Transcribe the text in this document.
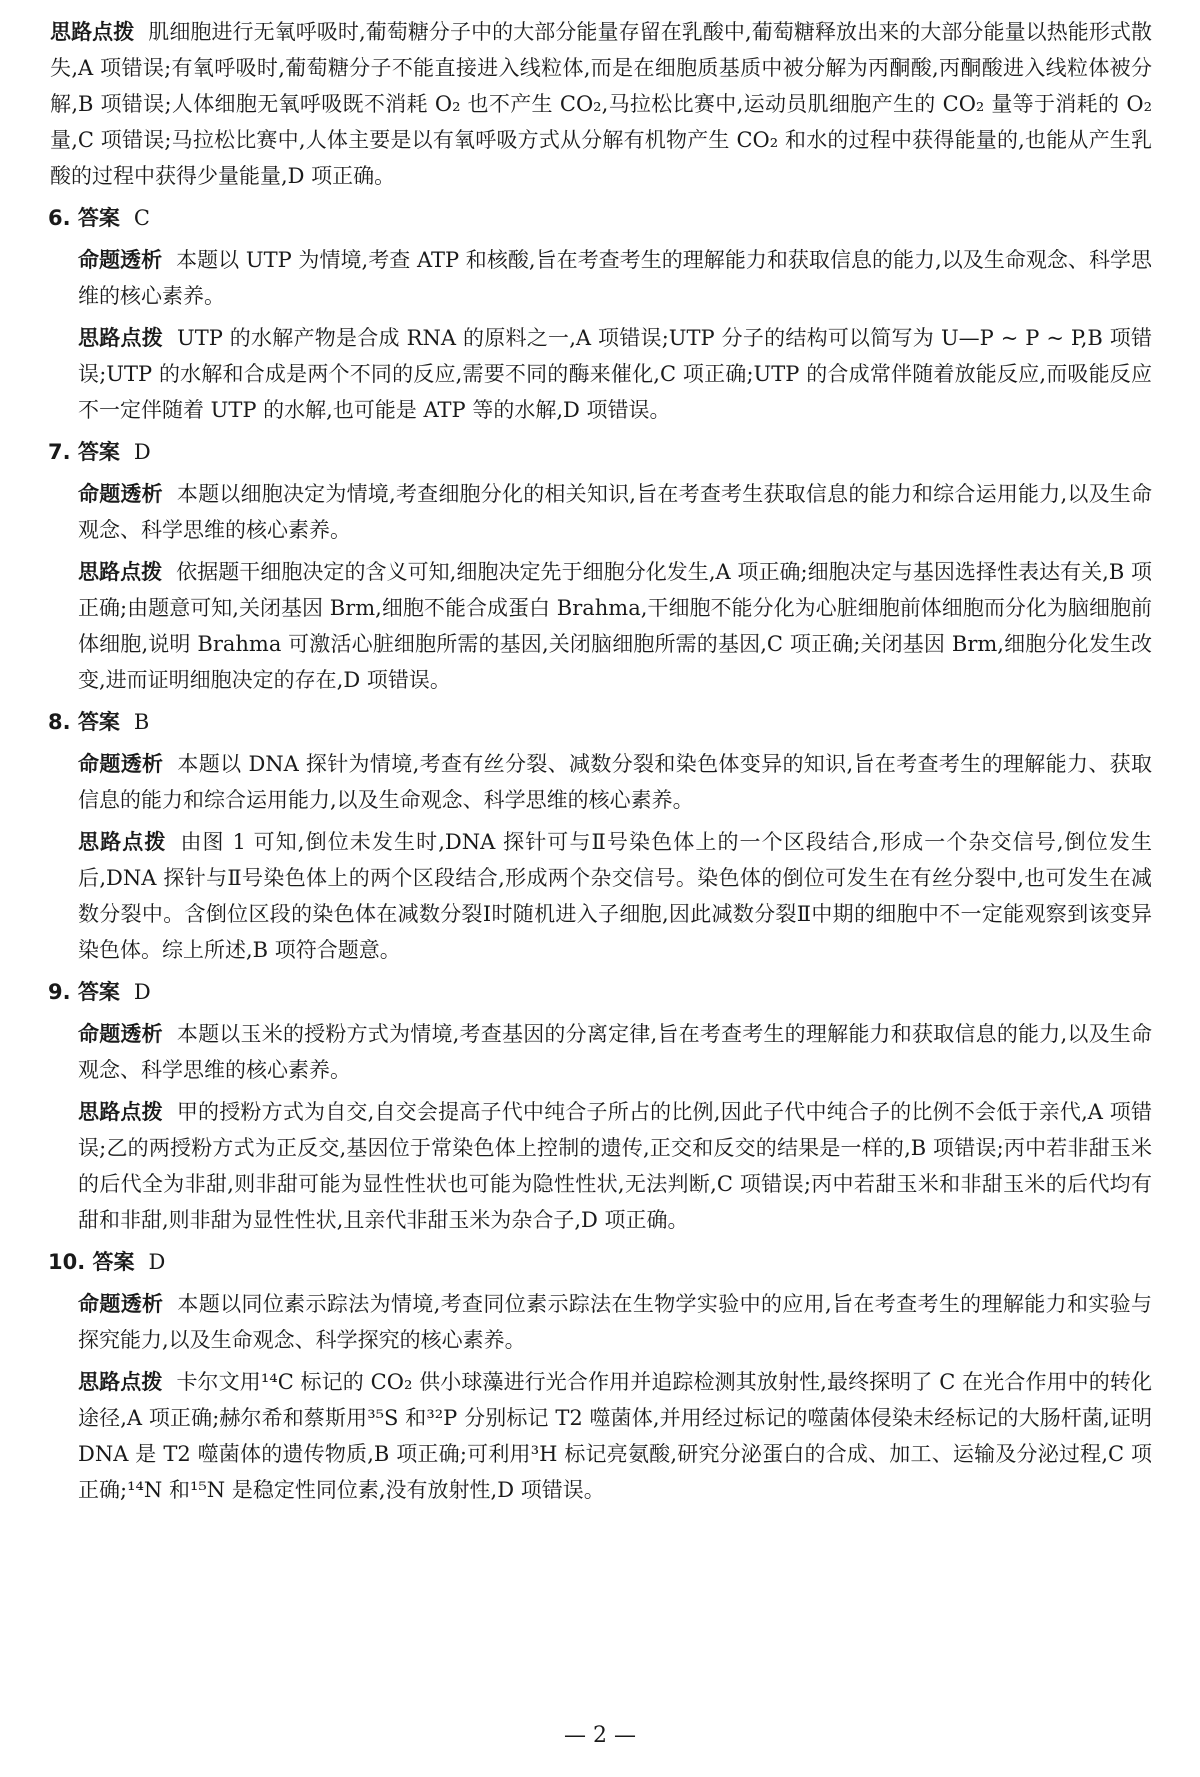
思路点拨 肌细胞进行无氧呼吸时,葡萄糖分子中的大部分能量存留在乳酸中,葡萄糖释放出来的大部分能量以热能形式散失,A 项错误;有氧呼吸时,葡萄糖分子不能直接进入线粒体,而是在细胞质基质中被分解为丙酮酸,丙酮酸进入线粒体被分解,B 项错误;人体细胞无氧呼吸既不消耗 O₂ 也不产生 CO₂,马拉松比赛中,运动员肌细胞产生的 CO₂ 量等于消耗的 O₂ 量,C 项错误;马拉松比赛中,人体主要是以有氧呼吸方式从分解有机物产生 CO₂ 和水的过程中获得能量的,也能从产生乳酸的过程中获得少量能量,D 项正确。

6. 答案 C

命题透析 本题以 UTP 为情境,考查 ATP 和核酸,旨在考查考生的理解能力和获取信息的能力,以及生命观念、科学思维的核心素养。

思路点拨 UTP 的水解产物是合成 RNA 的原料之一,A 项错误;UTP 分子的结构可以简写为 U—P ~ P ~ P,B 项错误;UTP 的水解和合成是两个不同的反应,需要不同的酶来催化,C 项正确;UTP 的合成常伴随着放能反应,而吸能反应不一定伴随着 UTP 的水解,也可能是 ATP 等的水解,D 项错误。

7. 答案 D

命题透析 本题以细胞决定为情境,考查细胞分化的相关知识,旨在考查考生获取信息的能力和综合运用能力,以及生命观念、科学思维的核心素养。

思路点拨 依据题干细胞决定的含义可知,细胞决定先于细胞分化发生,A 项正确;细胞决定与基因选择性表达有关,B 项正确;由题意可知,关闭基因 Brm,细胞不能合成蛋白 Brahma,干细胞不能分化为心脏细胞前体细胞而分化为脑细胞前体细胞,说明 Brahma 可激活心脏细胞所需的基因,关闭脑细胞所需的基因,C 项正确;关闭基因 Brm,细胞分化发生改变,进而证明细胞决定的存在,D 项错误。

8. 答案 B

命题透析 本题以 DNA 探针为情境,考查有丝分裂、减数分裂和染色体变异的知识,旨在考查考生的理解能力、获取信息的能力和综合运用能力,以及生命观念、科学思维的核心素养。

思路点拨 由图 1 可知,倒位未发生时,DNA 探针可与Ⅱ号染色体上的一个区段结合,形成一个杂交信号,倒位发生后,DNA 探针与Ⅱ号染色体上的两个区段结合,形成两个杂交信号。染色体的倒位可发生在有丝分裂中,也可发生在减数分裂中。含倒位区段的染色体在减数分裂Ⅰ时随机进入子细胞,因此减数分裂Ⅱ中期的细胞中不一定能观察到该变异染色体。综上所述,B 项符合题意。

9. 答案 D

命题透析 本题以玉米的授粉方式为情境,考查基因的分离定律,旨在考查考生的理解能力和获取信息的能力,以及生命观念、科学思维的核心素养。

思路点拨 甲的授粉方式为自交,自交会提高子代中纯合子所占的比例,因此子代中纯合子的比例不会低于亲代,A 项错误;乙的两授粉方式为正反交,基因位于常染色体上控制的遗传,正交和反交的结果是一样的,B 项错误;丙中若非甜玉米的后代全为非甜,则非甜可能为显性性状也可能为隐性性状,无法判断,C 项错误;丙中若甜玉米和非甜玉米的后代均有甜和非甜,则非甜为显性性状,且亲代非甜玉米为杂合子,D 项正确。

10. 答案 D

命题透析 本题以同位素示踪法为情境,考查同位素示踪法在生物学实验中的应用,旨在考查考生的理解能力和实验与探究能力,以及生命观念、科学探究的核心素养。

思路点拨 卡尔文用¹⁴C 标记的 CO₂ 供小球藻进行光合作用并追踪检测其放射性,最终探明了 C 在光合作用中的转化途径,A 项正确;赫尔希和蔡斯用³⁵S 和³²P 分别标记 T2 噬菌体,并用经过标记的噬菌体侵染未经标记的大肠杆菌,证明 DNA 是 T2 噬菌体的遗传物质,B 项正确;可利用³H 标记亮氨酸,研究分泌蛋白的合成、加工、运输及分泌过程,C 项正确;¹⁴N 和¹⁵N 是稳定性同位素,没有放射性,D 项错误。

— 2 —
